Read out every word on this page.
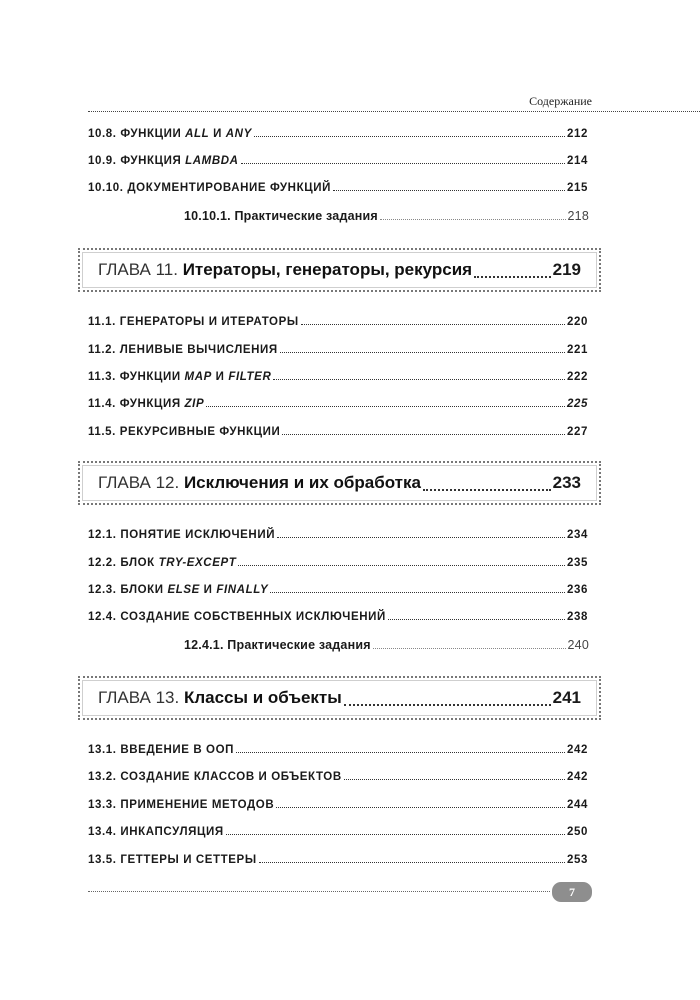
Содержание
10.8. ФУНКЦИИ ALL И ANY	212
10.9. ФУНКЦИЯ LAMBDA	214
10.10. ДОКУМЕНТИРОВАНИЕ ФУНКЦИЙ	215
10.10.1. Практические задания	218
ГЛАВА 11. Итераторы, генераторы, рекурсия	219
11.1. ГЕНЕРАТОРЫ И ИТЕРАТОРЫ	220
11.2. ЛЕНИВЫЕ ВЫЧИСЛЕНИЯ	221
11.3. ФУНКЦИИ MAP И FILTER	222
11.4. ФУНКЦИЯ ZIP	225
11.5. РЕКУРСИВНЫЕ ФУНКЦИИ	227
ГЛАВА 12. Исключения и их обработка	233
12.1. ПОНЯТИЕ ИСКЛЮЧЕНИЙ	234
12.2. БЛОК TRY-EXCEPT	235
12.3. БЛОКИ ELSE И FINALLY	236
12.4. СОЗДАНИЕ СОБСТВЕННЫХ ИСКЛЮЧЕНИЙ	238
12.4.1. Практические задания	240
ГЛАВА 13. Классы и объекты	241
13.1. ВВЕДЕНИЕ В ООП	242
13.2. СОЗДАНИЕ КЛАССОВ И ОБЪЕКТОВ	242
13.3. ПРИМЕНЕНИЕ МЕТОДОВ	244
13.4. ИНКАПСУЛЯЦИЯ	250
13.5. ГЕТТЕРЫ И СЕТТЕРЫ	253
7
